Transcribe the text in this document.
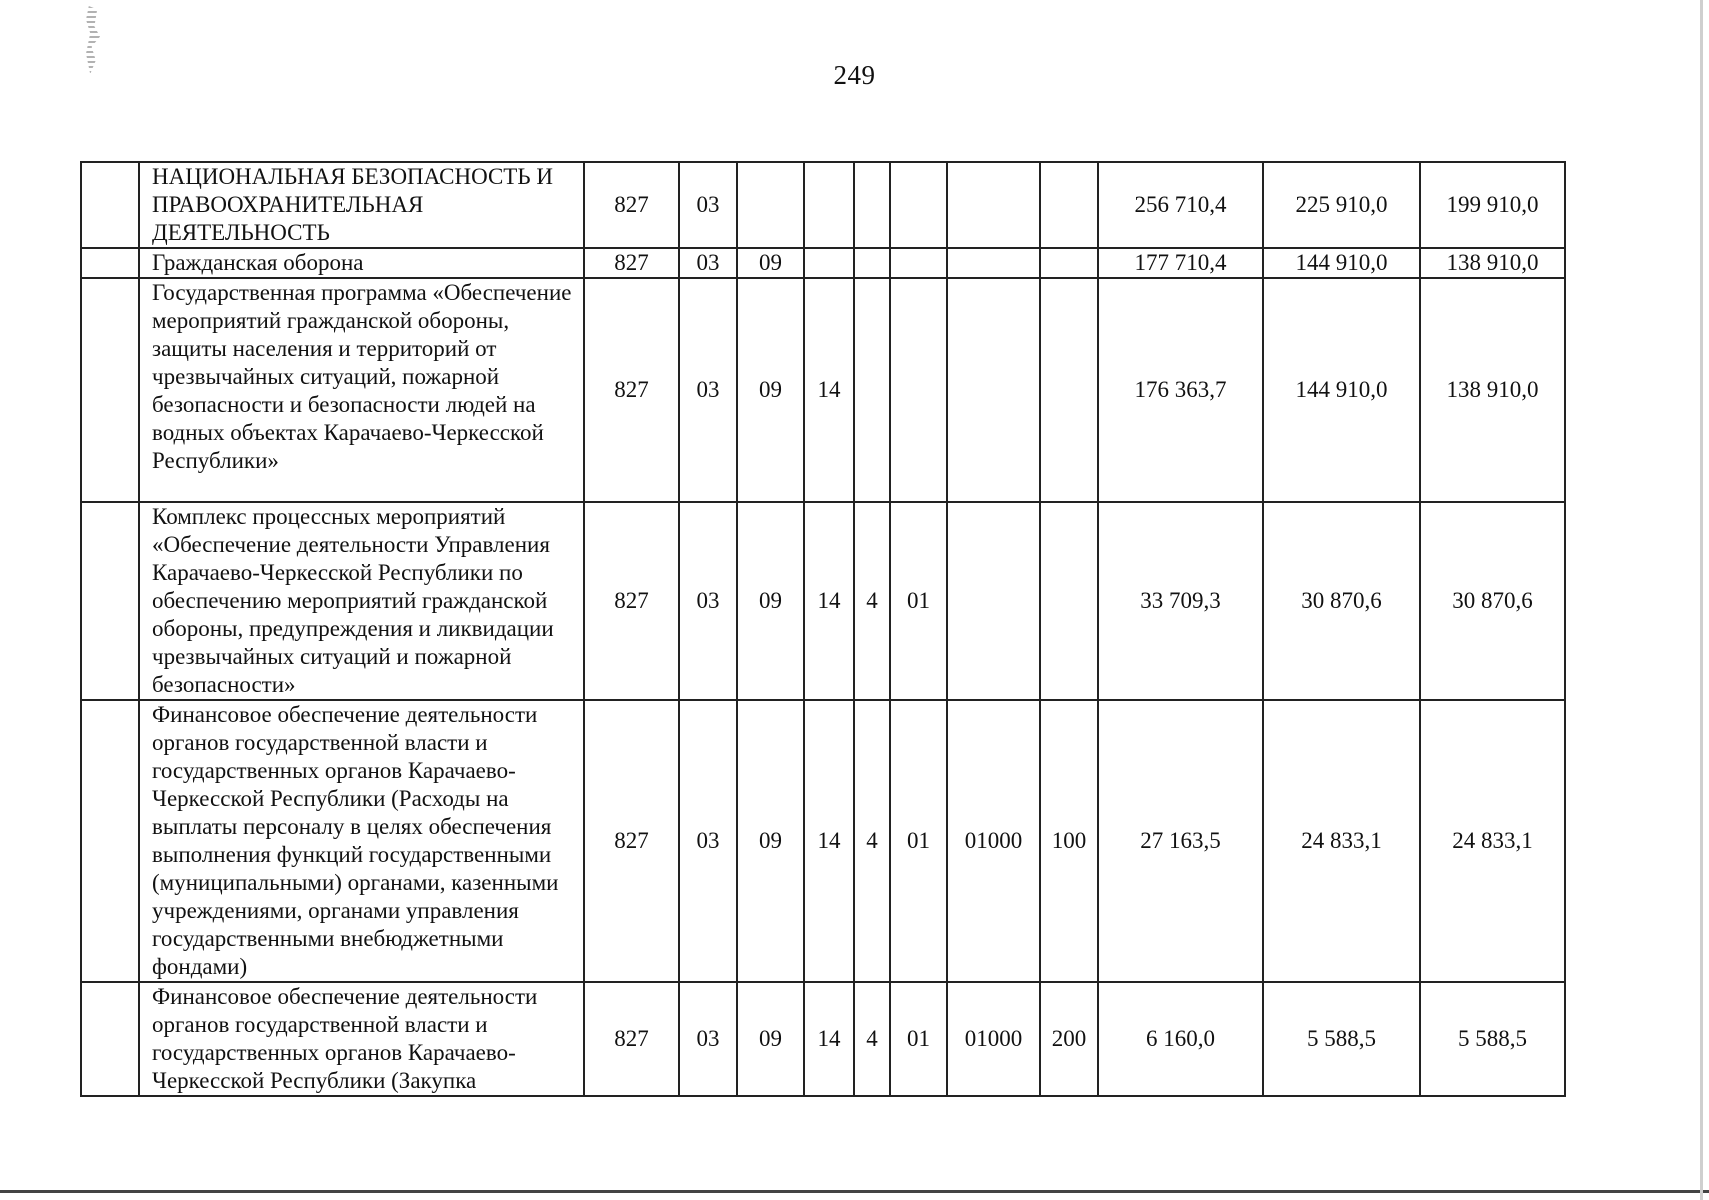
249
	НАЦИОНАЛЬНАЯ БЕЗОПАСНОСТЬ И ПРАВООХРАНИТЕЛЬНАЯ ДЕЯТЕЛЬНОСТЬ	827	03							256 710,4	225 910,0	199 910,0
	Гражданская оборона	827	03	09						177 710,4	144 910,0	138 910,0
	Государственная программа «Обеспечение мероприятий гражданской обороны, защиты населения и территорий от чрезвычайных ситуаций, пожарной безопасности и безопасности людей на водных объектах Карачаево-Черкесской Республики»	827	03	09	14					176 363,7	144 910,0	138 910,0
	Комплекс процессных мероприятий «Обеспечение деятельности Управления Карачаево-Черкесской Республики по обеспечению мероприятий гражданской обороны, предупреждения и ликвидации чрезвычайных ситуаций и пожарной безопасности»	827	03	09	14	4	01			33 709,3	30 870,6	30 870,6
	Финансовое обеспечение деятельности органов государственной власти и государственных органов Карачаево-Черкесской Республики (Расходы на выплаты персоналу в целях обеспечения выполнения функций государственными (муниципальными) органами, казенными учреждениями, органами управления государственными внебюджетными фондами)	827	03	09	14	4	01	01000	100	27 163,5	24 833,1	24 833,1
	Финансовое обеспечение деятельности органов государственной власти и государственных органов Карачаево-Черкесской Республики (Закупка	827	03	09	14	4	01	01000	200	6 160,0	5 588,5	5 588,5
